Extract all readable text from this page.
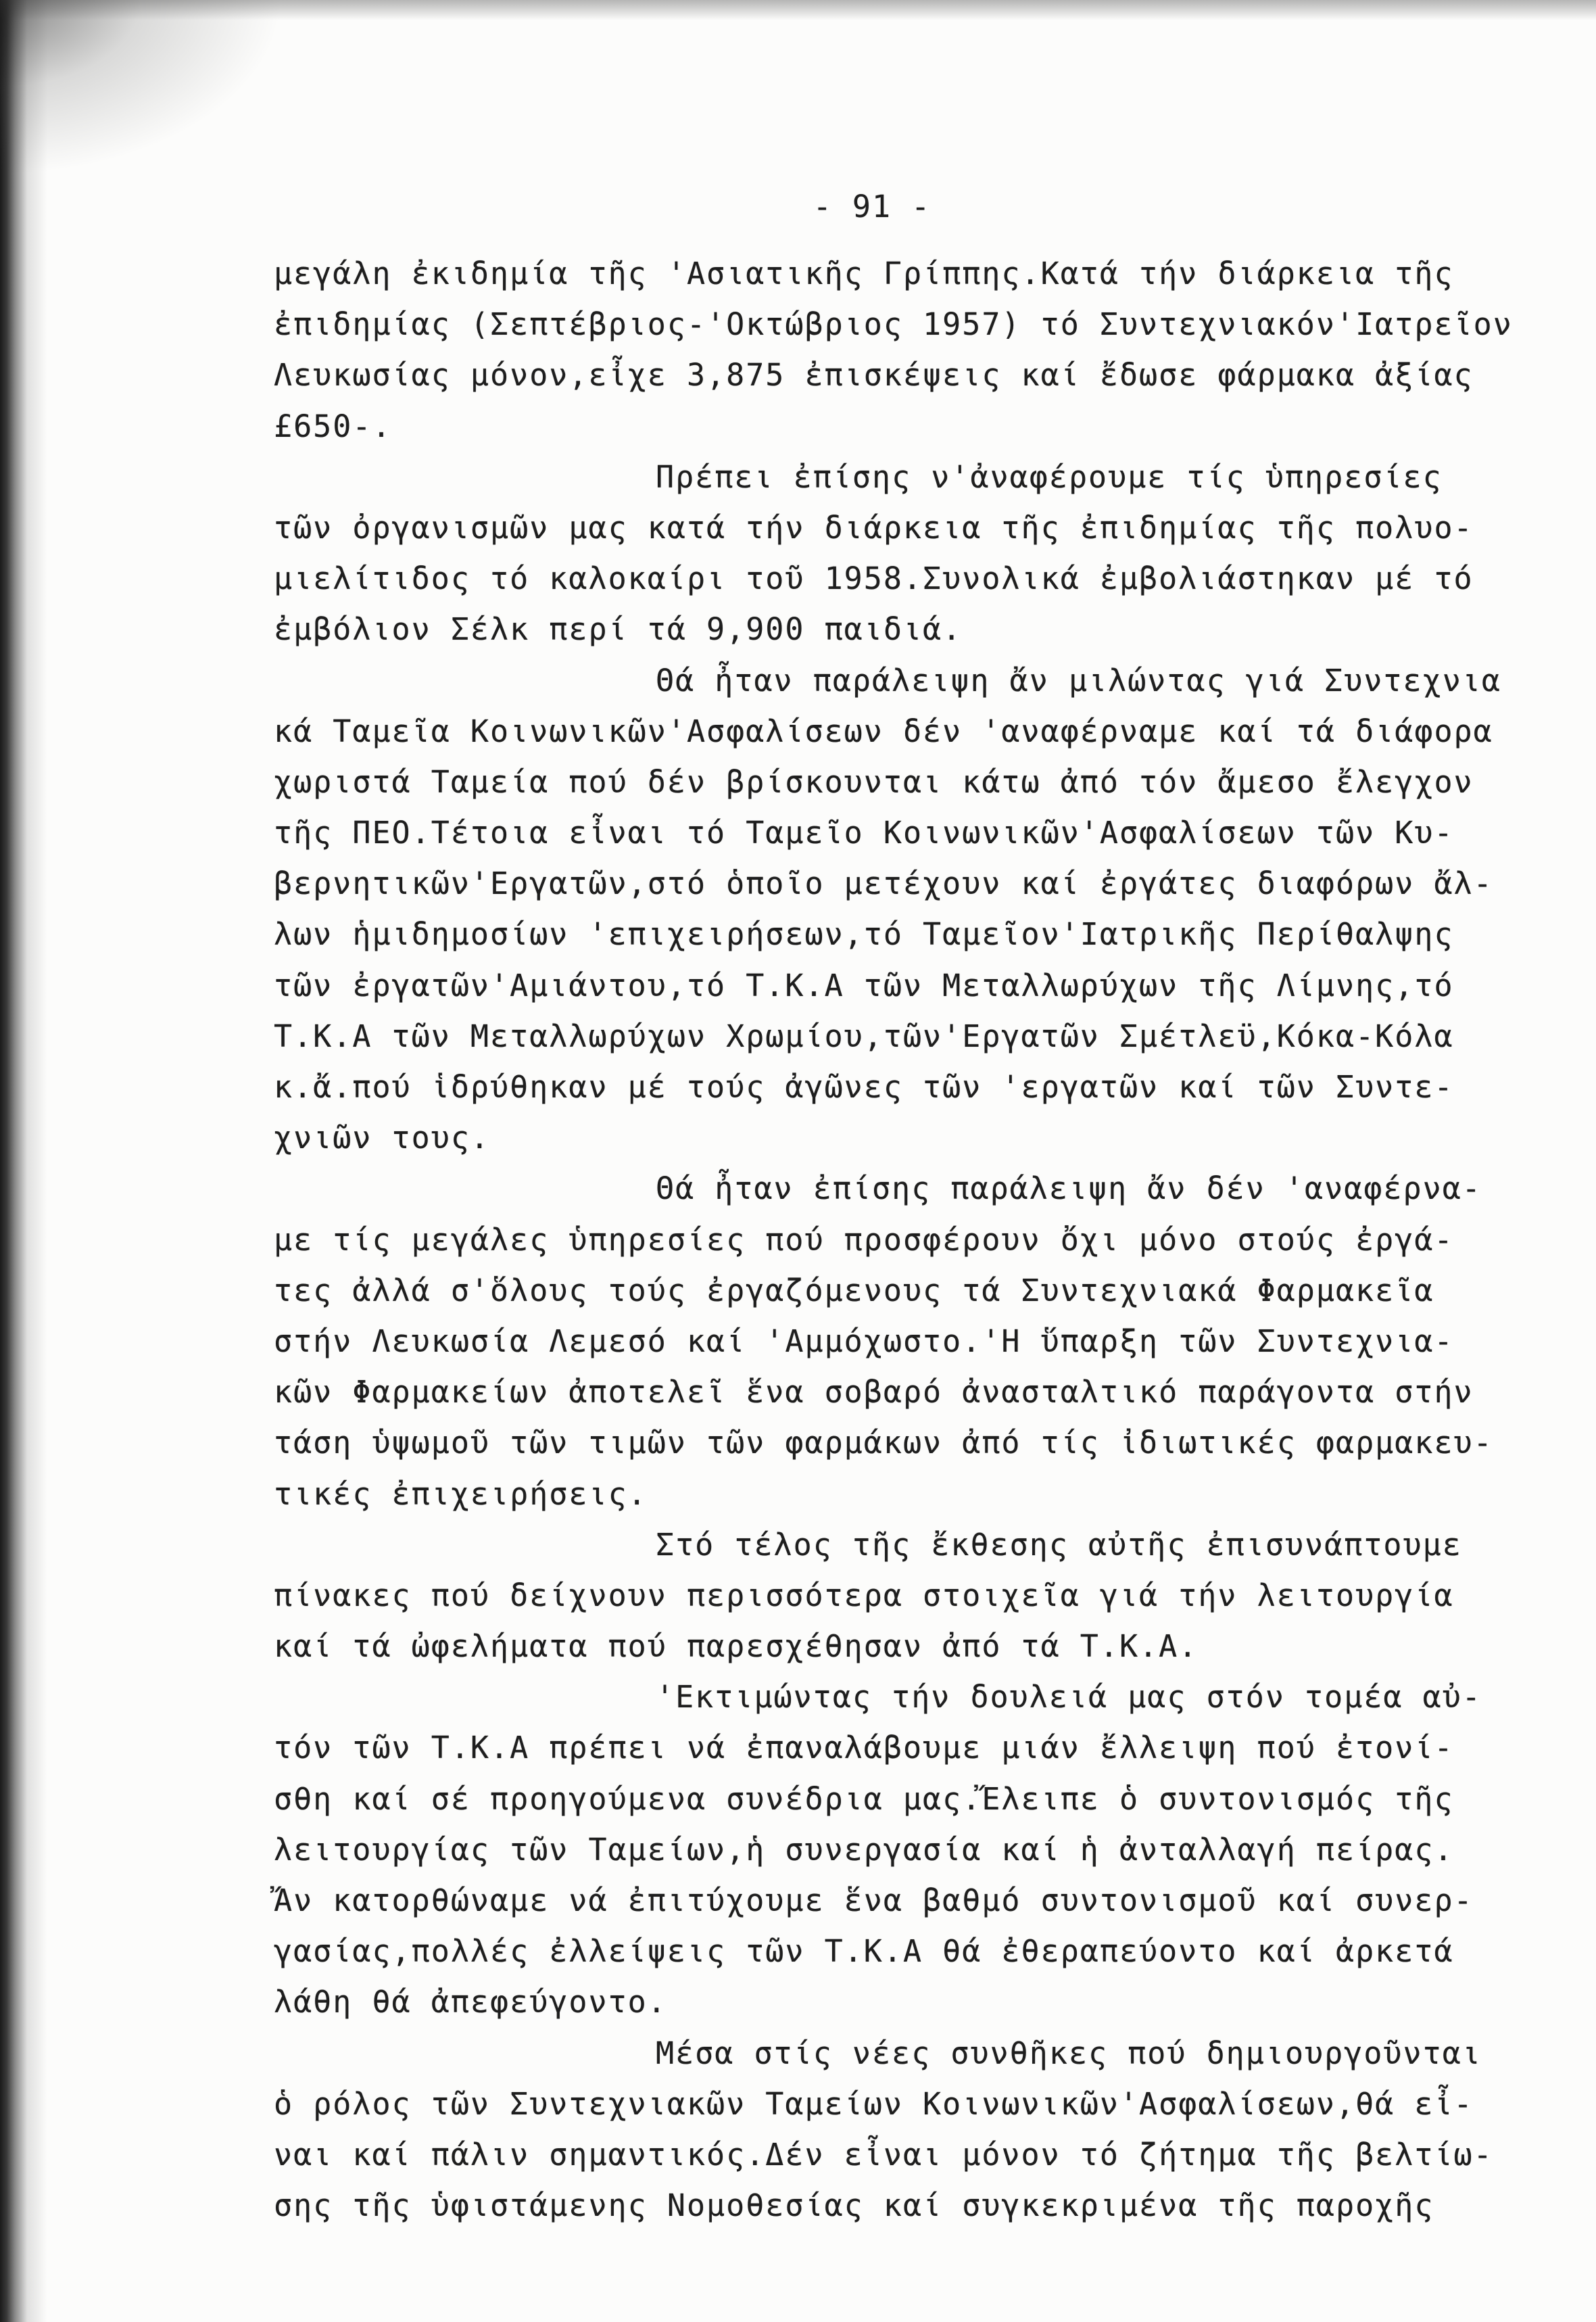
- 91 -
μεγάλη ἐκιδημία τῆς 'Ασιατικῆς Γρίππης.Κατά τήν διάρκεια τῆς
ἐπιδημίας (Σεπτέβριος-'Οκτώβριος 1957) τό Συντεχνιακόν'Ιατρεῖον
Λευκωσίας μόνον,εἶχε 3,875 ἐπισκέψεις καί ἔδωσε φάρμακα ἀξίας
£650-.
Πρέπει ἐπίσης ν'ἀναφέρουμε τίς ὑπηρεσίες
τῶν ὀργανισμῶν μας κατά τήν διάρκεια τῆς ἐπιδημίας τῆς πολυο-
μιελίτιδος τό καλοκαίρι τοῦ 1958.Συνολικά ἐμβολιάστηκαν μέ τό
ἐμβόλιον Σέλκ περί τά 9,900 παιδιά.
Θά ἦταν παράλειψη ἄν μιλώντας γιά Συντεχνια
κά Ταμεῖα Κοινωνικῶν'Ασφαλίσεων δέν 'αναφέρναμε καί τά διάφορα
χωριστά Ταμεία πού δέν βρίσκουνται κάτω ἀπό τόν ἄμεσο ἔλεγχον
τῆς ΠΕΟ.Τέτοια εἶναι τό Ταμεῖο Κοινωνικῶν'Ασφαλίσεων τῶν Κυ-
βερνητικῶν'Εργατῶν,στό ὁποῖο μετέχουν καί ἐργάτες διαφόρων ἄλ-
λων ἡμιδημοσίων 'επιχειρήσεων,τό Ταμεῖον'Ιατρικῆς Περίθαλψης
τῶν ἐργατῶν'Αμιάντου,τό Τ.Κ.Α τῶν Μεταλλωρύχων τῆς Λίμνης,τό
Τ.Κ.Α τῶν Μεταλλωρύχων Χρωμίου,τῶν'Εργατῶν Σμέτλεϋ,Κόκα-Κόλα
κ.ἄ.πού ἱδρύθηκαν μέ τούς ἀγῶνες τῶν 'εργατῶν καί τῶν Συντε-
χνιῶν τους.
Θά ἦταν ἐπίσης παράλειψη ἄν δέν 'αναφέρνα-
με τίς μεγάλες ὑπηρεσίες πού προσφέρουν ὄχι μόνο στούς ἐργά-
τες ἀλλά σ'ὅλους τούς ἐργαζόμενους τά Συντεχνιακά Φαρμακεῖα
στήν Λευκωσία Λεμεσό καί 'Αμμόχωστο.'Η ὕπαρξη τῶν Συντεχνια-
κῶν Φαρμακείων ἀποτελεῖ ἕνα σοβαρό ἀνασταλτικό παράγοντα στήν
τάση ὑψωμοῦ τῶν τιμῶν τῶν φαρμάκων ἀπό τίς ἰδιωτικές φαρμακευ-
τικές ἐπιχειρήσεις.
Στό τέλος τῆς ἔκθεσης αὐτῆς ἐπισυνάπτουμε
πίνακες πού δείχνουν περισσότερα στοιχεῖα γιά τήν λειτουργία
καί τά ὠφελήματα πού παρεσχέθησαν ἀπό τά Τ.Κ.Α.
'Εκτιμώντας τήν δουλειά μας στόν τομέα αὐ-
τόν τῶν Τ.Κ.Α πρέπει νά ἐπαναλάβουμε μιάν ἔλλειψη πού ἐτονί-
σθη καί σέ προηγούμενα συνέδρια μας.Ἔλειπε ὁ συντονισμός τῆς
λειτουργίας τῶν Ταμείων,ἡ συνεργασία καί ἡ ἀνταλλαγή πείρας.
Ἄν κατορθώναμε νά ἐπιτύχουμε ἕνα βαθμό συντονισμοῦ καί συνερ-
γασίας,πολλές ἐλλείψεις τῶν Τ.Κ.Α θά ἐθεραπεύοντο καί ἀρκετά
λάθη θά ἀπεφεύγοντο.
Μέσα στίς νέες συνθῆκες πού δημιουργοῦνται
ὁ ρόλος τῶν Συντεχνιακῶν Ταμείων Κοινωνικῶν'Ασφαλίσεων,θά εἶ-
ναι καί πάλιν σημαντικός.Δέν εἶναι μόνον τό ζήτημα τῆς βελτίω-
σης τῆς ὑφιστάμενης Νομοθεσίας καί συγκεκριμένα τῆς παροχῆς
